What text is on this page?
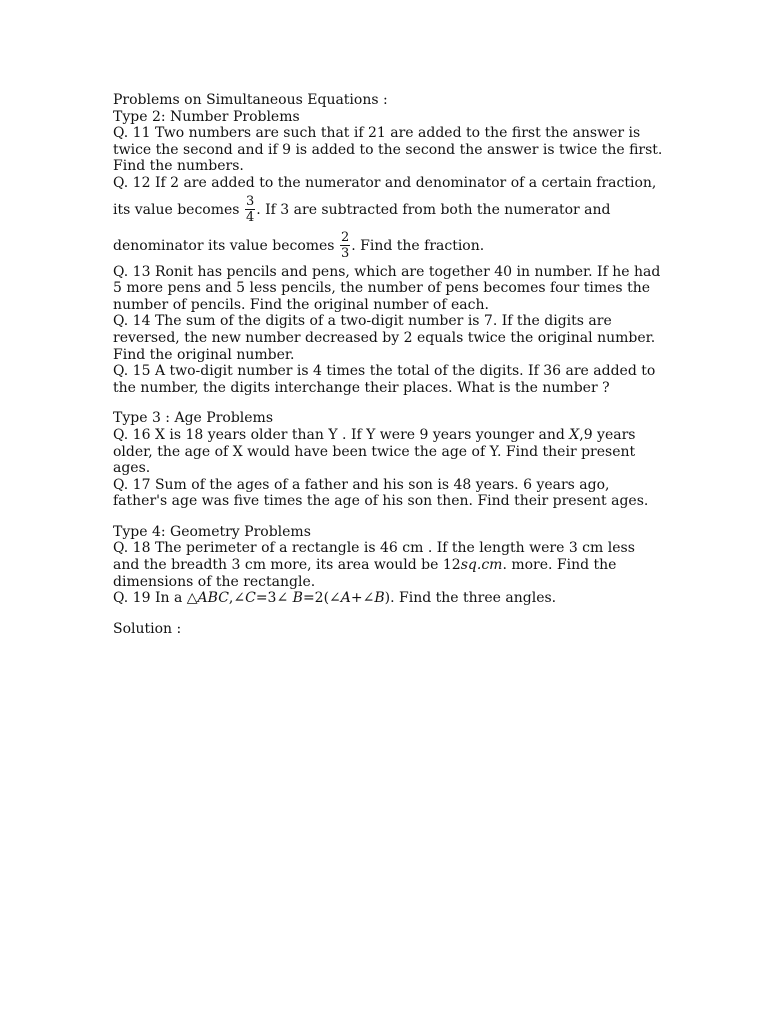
Problems on Simultaneous Equations :
Type 2: Number Problems
Q. 11 Two numbers are such that if 21 are added to the first the answer is
twice the second and if 9 is added to the second the answer is twice the first.
Find the numbers.
Q. 12 If 2 are added to the numerator and denominator of a certain fraction,
its value becomes $\frac{3}{4}$ . If 3 are subtracted from both the numerator and
denominator its value becomes $\frac{2}{3}$ . Find the fraction.
Q. 13 Ronit has pencils and pens, which are together 40 in number. If he had
5 more pens and 5 less pencils, the number of pens becomes four times the
number of pencils. Find the original number of each.
Q. 14 The sum of the digits of a two-digit number is 7. If the digits are
reversed, the new number decreased by 2 equals twice the original number.
Find the original number.
Q. 15 A two-digit number is 4 times the total of the digits. If 36 are added to
the number, the digits interchange their places. What is the number ?
Type 3 : Age Problems
Q. 16 X is 18 years older than Y . If Y were 9 years younger and X,9 years
older, the age of X would have been twice the age of Y. Find their present
ages.
Q. 17 Sum of the ages of a father and his son is 48 years. 6 years ago,
father's age was five times the age of his son then. Find their present ages.
Type 4: Geometry Problems
Q. 18 The perimeter of a rectangle is 46 cm . If the length were 3 cm less
and the breadth 3 cm more, its area would be 12sq.cm. more. Find the
dimensions of the rectangle.
Q. 19 In a △ABC,∠C=3∠ B=2(∠A+∠B). Find the three angles.
Solution :
